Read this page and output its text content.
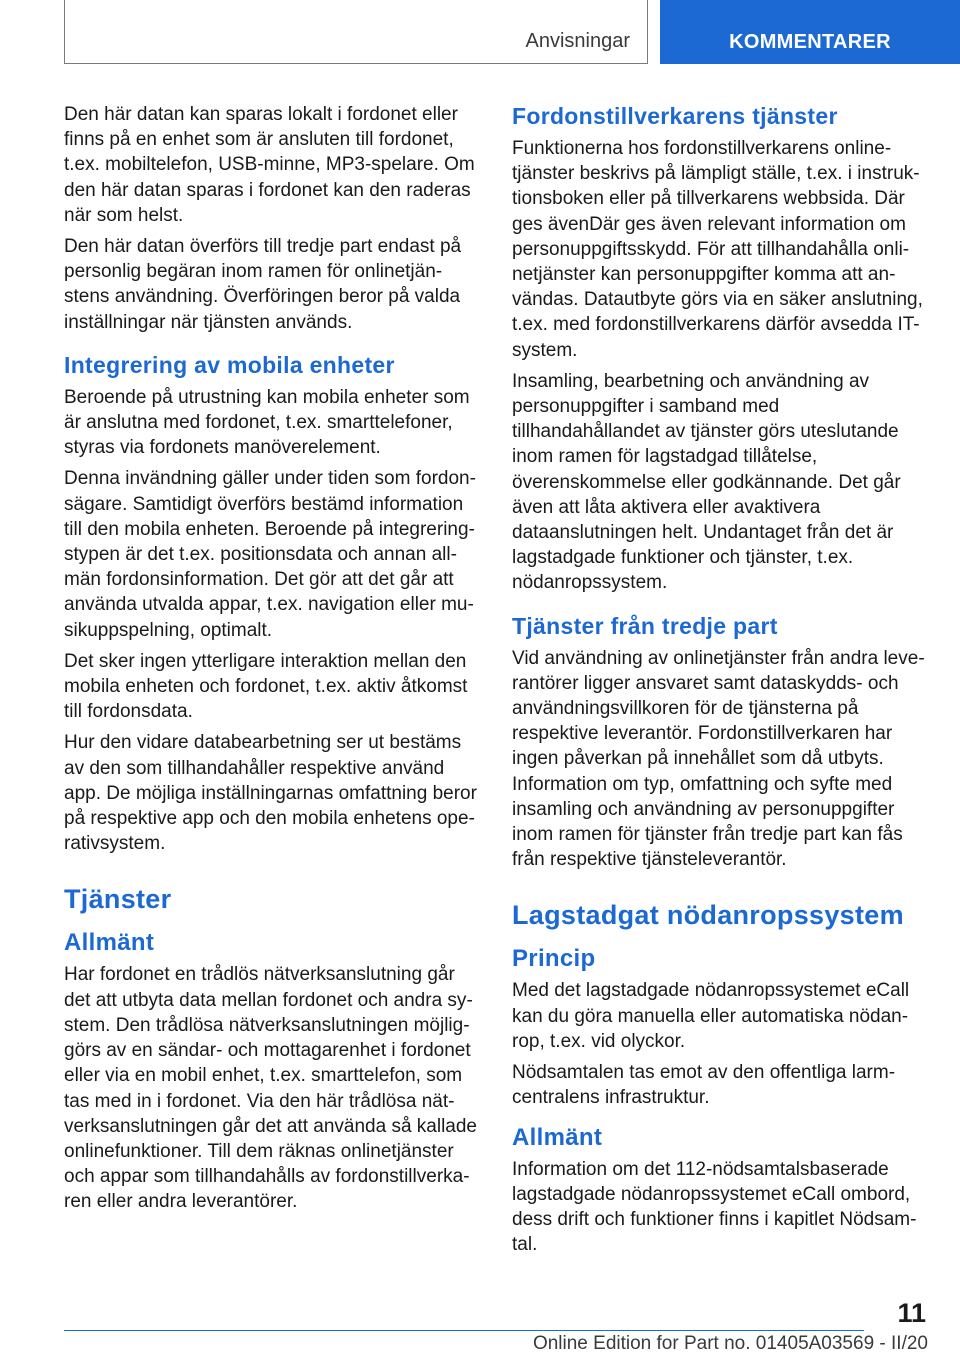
Anvisningar	KOMMENTARER

Den här datan kan sparas lokalt i fordonet eller finns på en enhet som är ansluten till fordonet, t.ex. mobiltelefon, USB-minne, MP3-spelare. Om den här datan sparas i fordonet kan den raderas när som helst.

Den här datan överförs till tredje part endast på personlig begäran inom ramen för onlinetjänstens användning. Överföringen beror på valda inställningar när tjänsten används.

Integrering av mobila enheter

Beroende på utrustning kan mobila enheter som är anslutna med fordonet, t.ex. smarttelefoner, styras via fordonets manöverelement.

Denna invändning gäller under tiden som fordonsägare. Samtidigt överförs bestämd information till den mobila enheten. Beroende på integreringstypen är det t.ex. positionsdata och annan allmän fordonsinformation. Det gör att det går att använda utvalda appar, t.ex. navigation eller musikuppspelning, optimalt.

Det sker ingen ytterligare interaktion mellan den mobila enheten och fordonet, t.ex. aktiv åtkomst till fordonsdata.

Hur den vidare databearbetning ser ut bestäms av den som tillhandahåller respektive använd app. De möjliga inställningarnas omfattning beror på respektive app och den mobila enhetens operativsystem.

Tjänster
Allmänt

Har fordonet en trådlös nätverksanslutning går det att utbyta data mellan fordonet och andra system. Den trådlösa nätverksanslutningen möjliggörs av en sändar- och mottagarenhet i fordonet eller via en mobil enhet, t.ex. smarttelefon, som tas med in i fordonet. Via den här trådlösa nätverksanslutningen går det att använda så kallade onlinefunktioner. Till dem räknas onlinetjänster och appar som tillhandahålls av fordonstillverkaren eller andra leverantörer.

Fordonstillverkarens tjänster

Funktionerna hos fordonstillverkarens onlinetjänster beskrivs på lämpligt ställe, t.ex. i instruktionsboken eller på tillverkarens webbsida. Där ges ävenDär ges även relevant information om personuppgiftsskydd. För att tillhandahålla onlinetjänster kan personuppgifter komma att användas. Datautbyte görs via en säker anslutning, t.ex. med fordonstillverkarens därför avsedda IT-system.

Insamling, bearbetning och användning av personuppgifter i samband med tillhandahållandet av tjänster görs uteslutande inom ramen för lagstadgad tillåtelse, överenskommelse eller godkännande. Det går även att låta aktivera eller avaktivera dataanslutningen helt. Undantaget från det är lagstadgade funktioner och tjänster, t.ex. nödanropssystem.

Tjänster från tredje part

Vid användning av onlinetjänster från andra leverantörer ligger ansvaret samt dataskydds- och användningsvillkoren för de tjänsterna på respektive leverantör. Fordonstillverkaren har ingen påverkan på innehållet som då utbyts. Information om typ, omfattning och syfte med insamling och användning av personuppgifter inom ramen för tjänster från tredje part kan fås från respektive tjänsteleverantör.

Lagstadgat nödanropssystem
Princip

Med det lagstadgade nödanropssystemet eCall kan du göra manuella eller automatiska nödanrop, t.ex. vid olyckor.

Nödsamtalen tas emot av den offentliga larmcentralens infrastruktur.

Allmänt

Information om det 112-nödsamtalsbaserade lagstadgade nödanropssystemet eCall ombord, dess drift och funktioner finns i kapitlet Nödsamtal.

11
Online Edition for Part no. 01405A03569 - II/20
